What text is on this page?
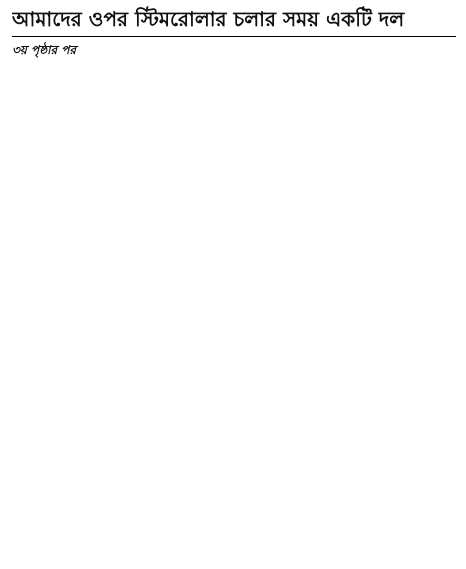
আমাদের ওপর স্টিমরোলার চলার সময় একটি দল
৩য় পৃষ্ঠার পর
